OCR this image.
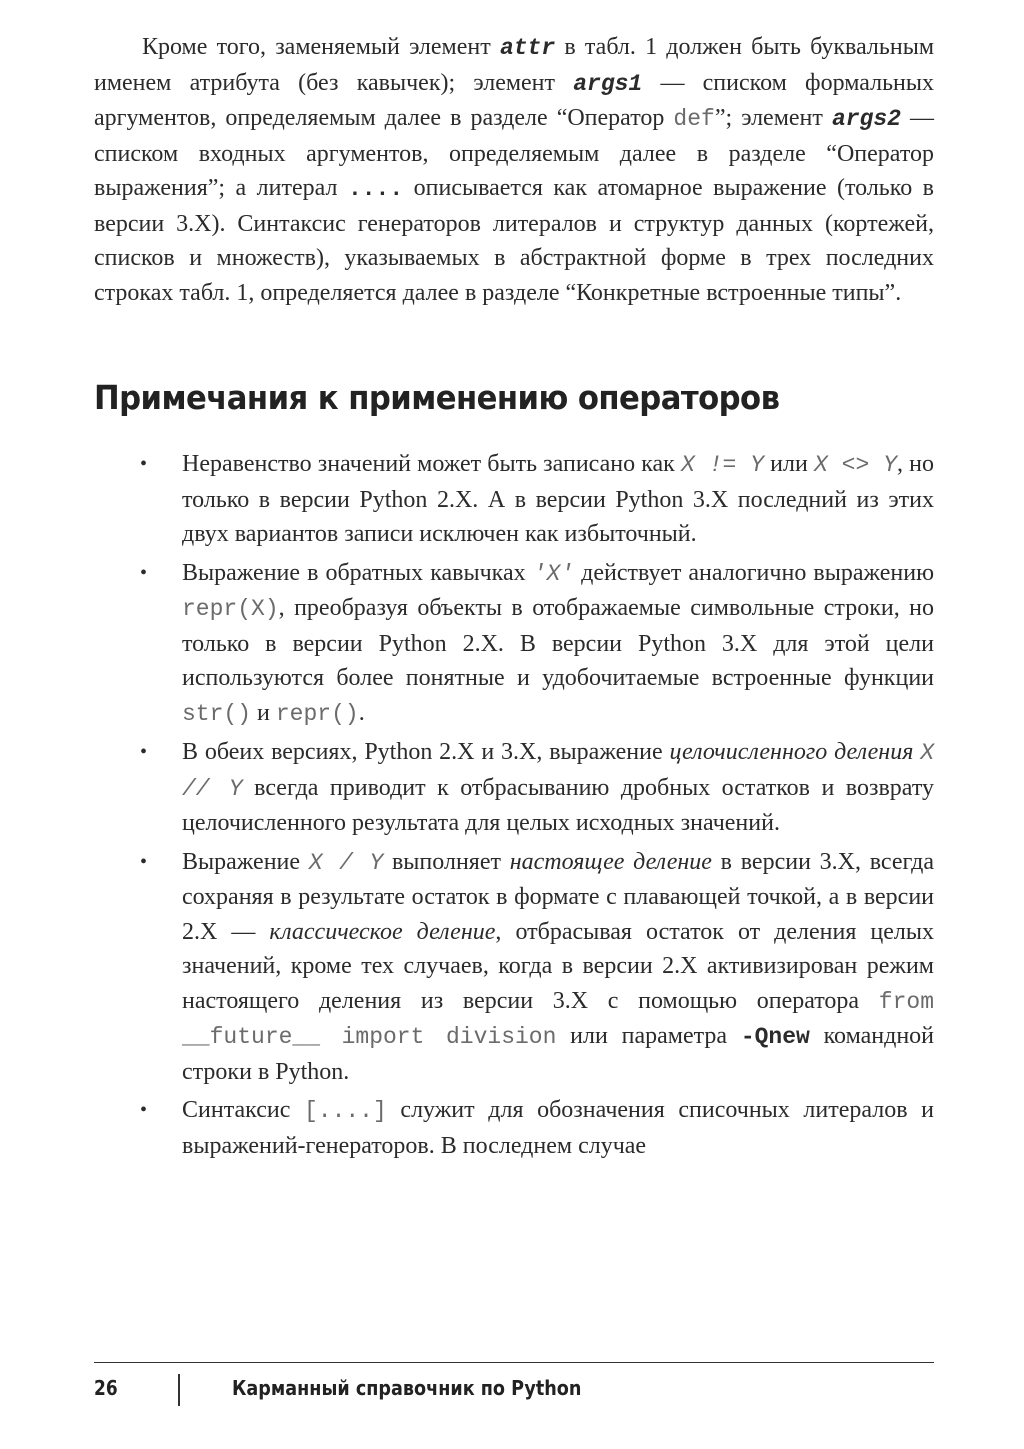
Кроме того, заменяемый элемент attr в табл. 1 должен быть буквальным именем атрибута (без кавычек); элемент args1 — списком формальных аргументов, определяемым далее в разделе “Оператор def”; элемент args2 — списком входных аргументов, определяемым далее в разделе “Оператор выражения”; а литерал .... описывается как атомарное выражение (только в версии 3.X). Синтаксис генераторов литералов и структур данных (кортежей, списков и множеств), указываемых в абстрактной форме в трех последних строках табл. 1, определяется далее в разделе “Конкретные встроенные типы”.

Примечания к применению операторов
• Неравенство значений может быть записано как X != Y или X <> Y, но только в версии Python 2.X. А в версии Python 3.X последний из этих двух вариантов записи исключен как избыточный.
• Выражение в обратных кавычках 'X' действует аналогично выражению repr(X), преобразуя объекты в отображаемые символьные строки, но только в версии Python 2.X. В версии Python 3.X для этой цели используются более понятные и удобочитаемые встроенные функции str() и repr().
• В обеих версиях, Python 2.X и 3.X, выражение целочисленного деления X // Y всегда приводит к отбрасыванию дробных остатков и возврату целочисленного результата для целых исходных значений.
• Выражение X / Y выполняет настоящее деление в версии 3.X, всегда сохраняя в результате остаток в формате с плавающей точкой, а в версии 2.X — классическое деление, отбрасывая остаток от деления целых значений, кроме тех случаев, когда в версии 2.X активизирован режим настоящего деления из версии 3.X с помощью оператора from __future__ import division или параметра -Qnew командной строки в Python.
• Синтаксис [....] служит для обозначения списочных литералов и выражений-генераторов. В последнем случае
26	Карманный справочник по Python
